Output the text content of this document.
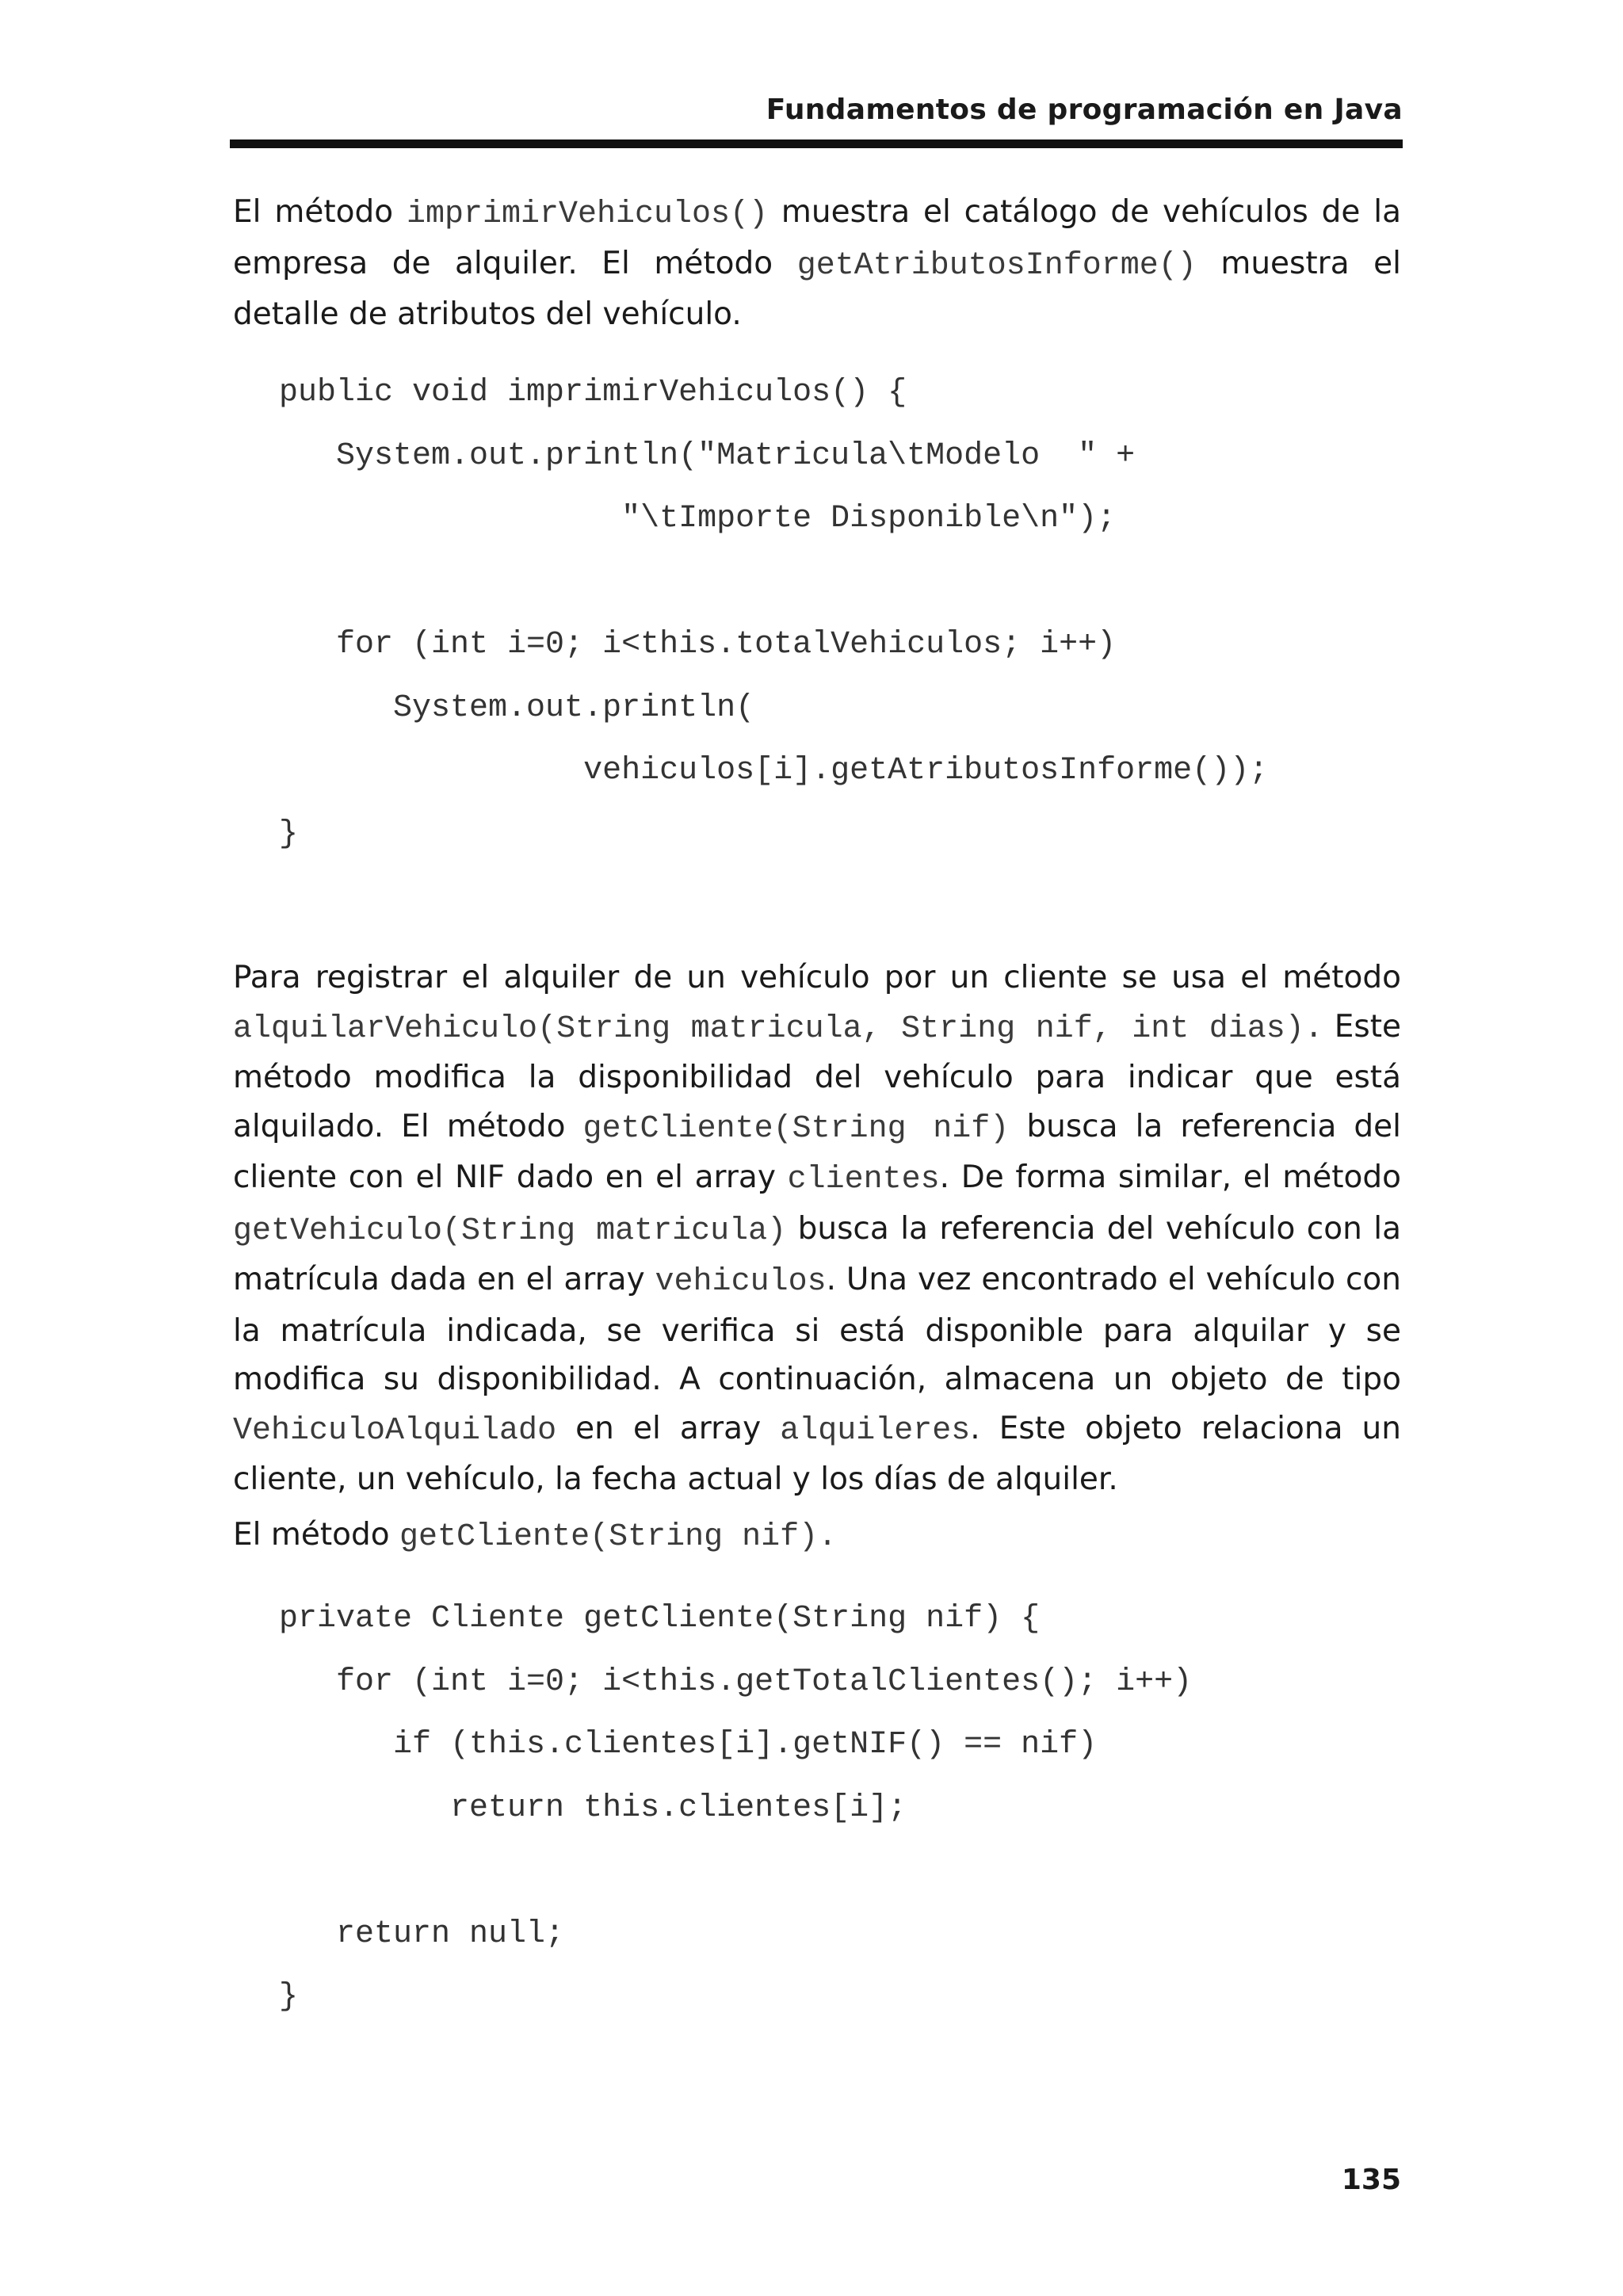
Fundamentos de programación en Java

El método imprimirVehiculos() muestra el catálogo de vehículos de la empresa de alquiler. El método getAtributosInforme() muestra el detalle de atributos del vehículo.

public void imprimirVehiculos() {
System.out.println("Matricula\tModelo  " +
"\tImporte Disponible\n");
for (int i=0; i<this.totalVehiculos; i++)
System.out.println(
vehiculos[i].getAtributosInforme());
}

Para registrar el alquiler de un vehículo por un cliente se usa el método alquilarVehiculo(String matricula, String nif, int dias). Este método modifica la disponibilidad del vehículo para indicar que está alquilado. El método getCliente(String nif) busca la referencia del cliente con el NIF dado en el array clientes. De forma similar, el método getVehiculo(String matricula) busca la referencia del vehículo con la matrícula dada en el array vehiculos. Una vez encontrado el vehículo con la matrícula indicada, se verifica si está disponible para alquilar y se modifica su disponibilidad. A continuación, almacena un objeto de tipo VehiculoAlquilado en el array alquileres. Este objeto relaciona un cliente, un vehículo, la fecha actual y los días de alquiler.

El método getCliente(String nif).

private Cliente getCliente(String nif) {
for (int i=0; i<this.getTotalClientes(); i++)
if (this.clientes[i].getNIF() == nif)
return this.clientes[i];
return null;
}
135
